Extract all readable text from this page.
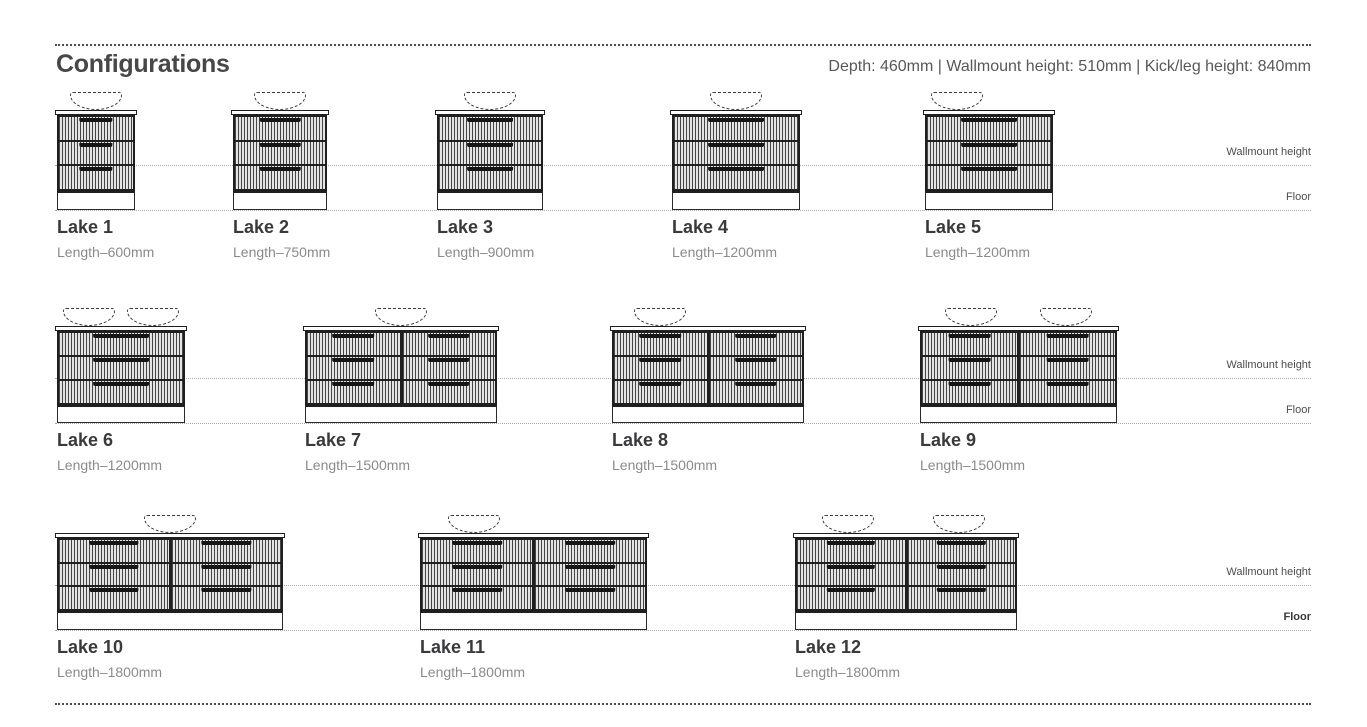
Configurations	Depth: 460mm | Wallmount height: 510mm | Kick/leg height: 840mm
Wallmount height
Floor
Wallmount height
Floor
Wallmount height
Floor
Lake 1
Length–600mm
Lake 2
Length–750mm
Lake 3
Length–900mm
Lake 4
Length–1200mm
Lake 5
Length–1200mm
Lake 6
Length–1200mm
Lake 7
Length–1500mm
Lake 8
Length–1500mm
Lake 9
Length–1500mm
Lake 10
Length–1800mm
Lake 11
Length–1800mm
Lake 12
Length–1800mm
